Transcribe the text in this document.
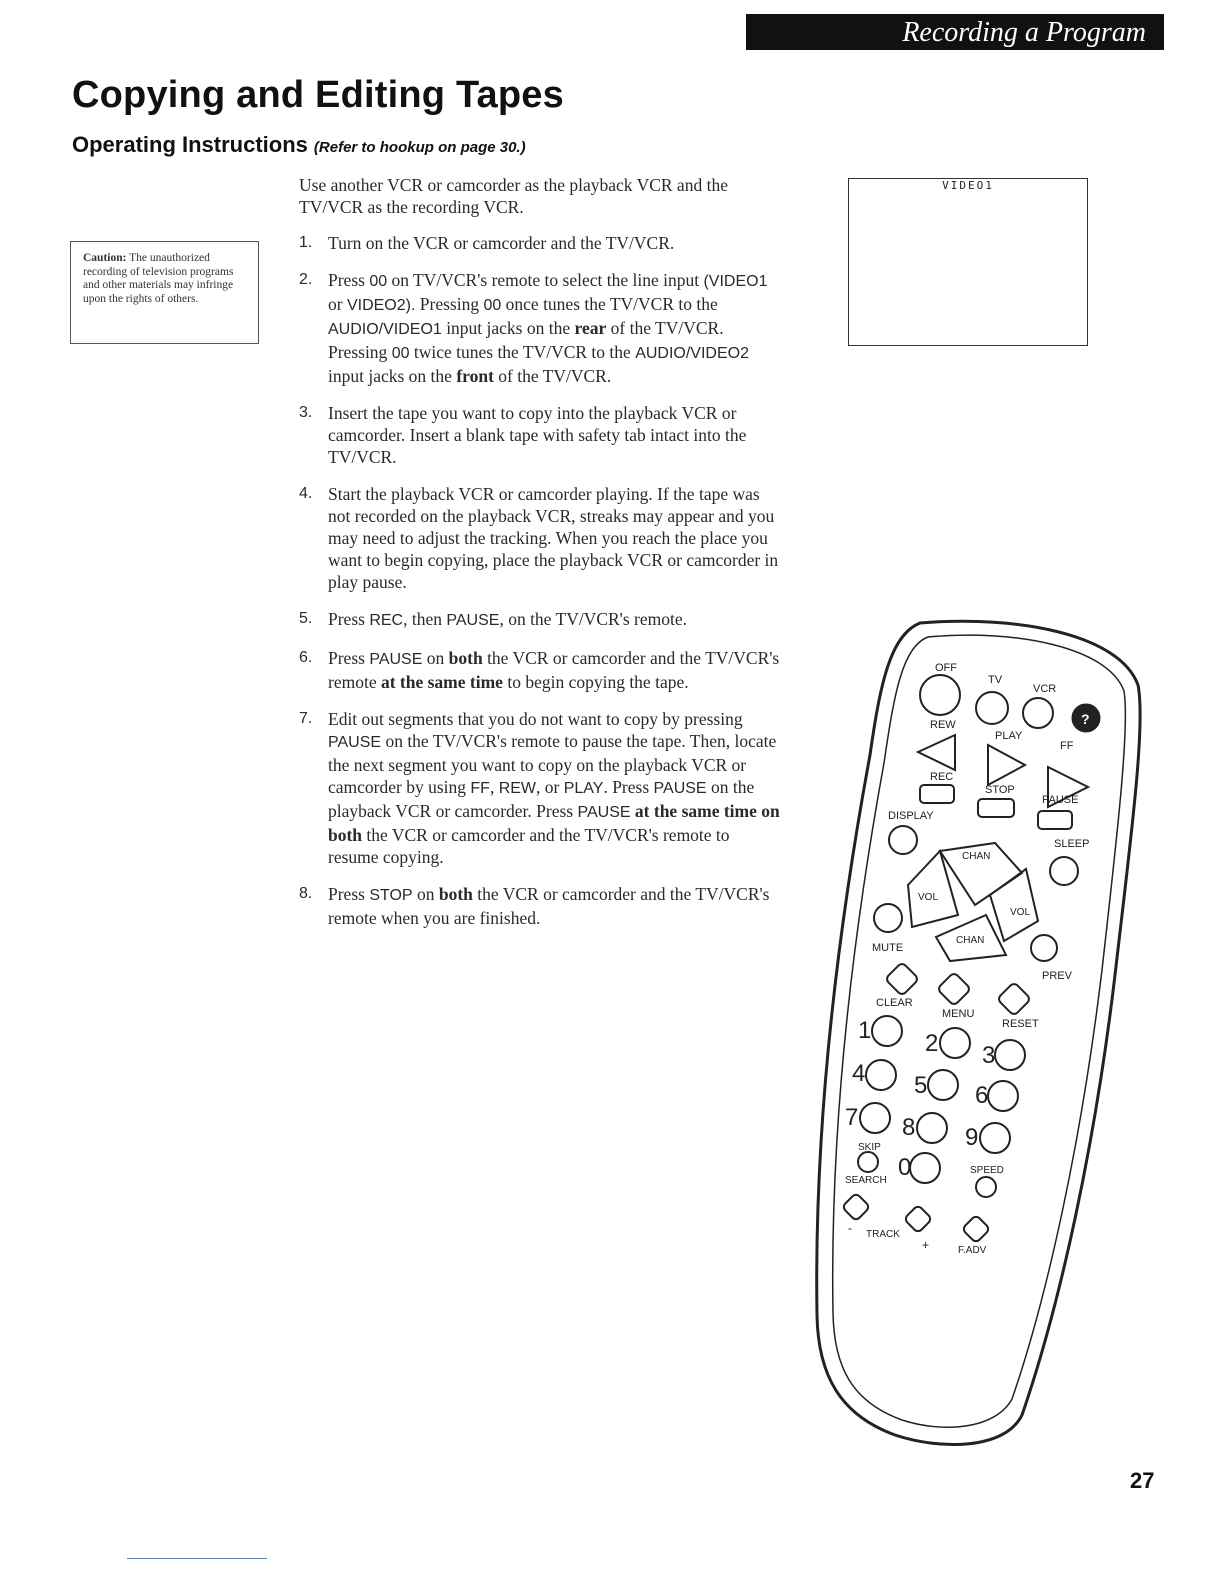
Recording a Program
Copying and Editing Tapes
Operating Instructions (Refer to hookup on page 30.)
Caution: The unauthorized recording of television programs and other materials may infringe upon the rights of others.

Use another VCR or camcorder as the playback VCR and the TV/VCR as the recording VCR.

1. Turn on the VCR or camcorder and the TV/VCR.
2. Press 00 on TV/VCR's remote to select the line input (VIDEO1 or VIDEO2). Pressing 00 once tunes the TV/VCR to the AUDIO/VIDEO1 input jacks on the rear of the TV/VCR. Pressing 00 twice tunes the TV/VCR to the AUDIO/VIDEO2 input jacks on the front of the TV/VCR.
3. Insert the tape you want to copy into the playback VCR or camcorder. Insert a blank tape with safety tab intact into the TV/VCR.
4. Start the playback VCR or camcorder playing. If the tape was not recorded on the playback VCR, streaks may appear and you may need to adjust the tracking. When you reach the place you want to begin copying, place the playback VCR or camcorder in play pause.
5. Press REC, then PAUSE, on the TV/VCR's remote.
6. Press PAUSE on both the VCR or camcorder and the TV/VCR's remote at the same time to begin copying the tape.
7. Edit out segments that you do not want to copy by pressing PAUSE on the TV/VCR's remote to pause the tape. Then, locate the next segment you want to copy on the playback VCR or camcorder by using FF, REW, or PLAY. Press PAUSE on the playback VCR or camcorder. Press PAUSE at the same time on both the VCR or camcorder and the TV/VCR's remote to resume copying.
8. Press STOP on both the VCR or camcorder and the TV/VCR's remote when you are finished.
VIDEO1
OFF
TV
VCR
?
REW
PLAY
FF
REC
STOP
PAUSE
DISPLAY
SLEEP
CHAN
VOL
VOL
CHAN
MUTE
PREV
CLEAR
MENU
RESET
1 2 3
4 5 6
7 8 9
SKIP
SEARCH 0	SPEED
- TRACK
+	F.ADV
27
